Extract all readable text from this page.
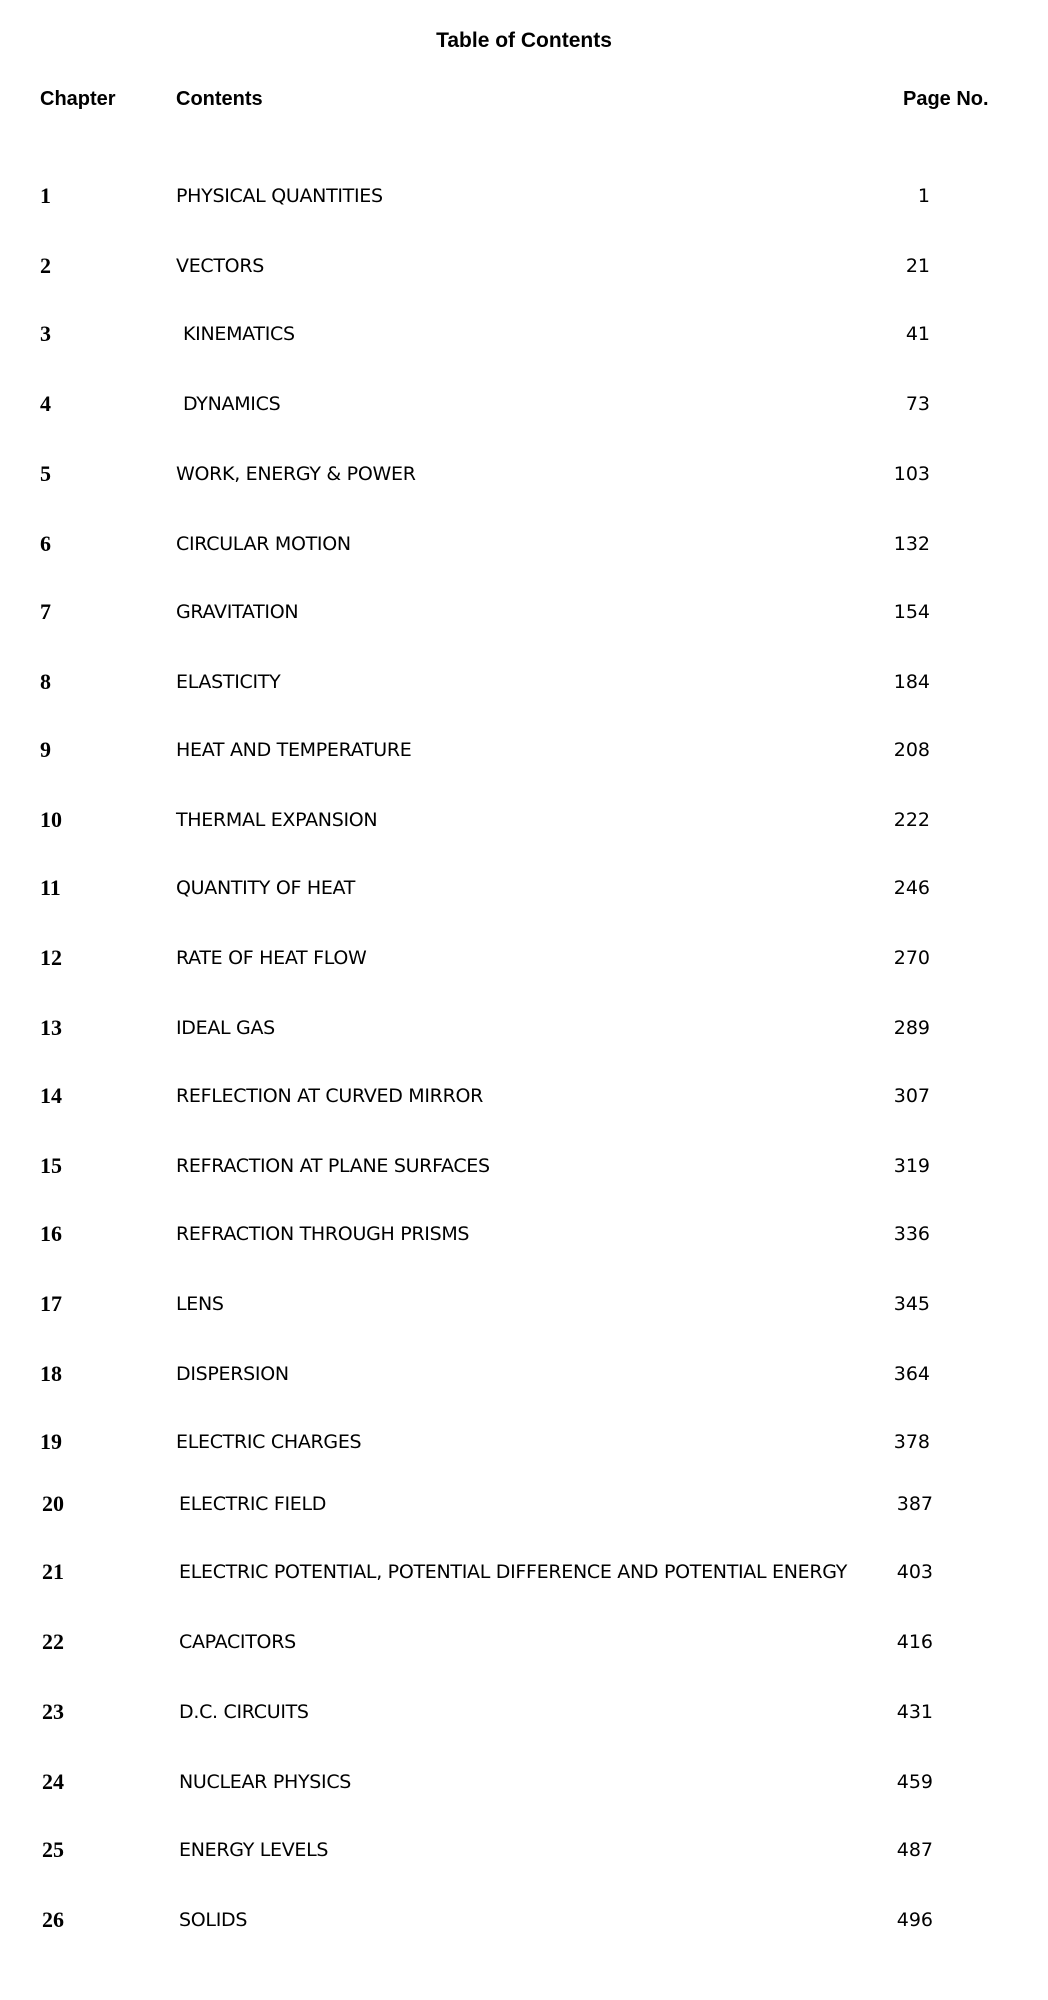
Table of Contents
Chapter	Contents	Page No.
1	PHYSICAL QUANTITIES	1
2	VECTORS	21
3	KINEMATICS	41
4	DYNAMICS	73
5	WORK, ENERGY & POWER	103
6	CIRCULAR MOTION	132
7	GRAVITATION	154
8	ELASTICITY	184
9	HEAT AND TEMPERATURE	208
10	THERMAL EXPANSION	222
11	QUANTITY OF HEAT	246
12	RATE OF HEAT FLOW	270
13	IDEAL GAS	289
14	REFLECTION AT CURVED MIRROR	307
15	REFRACTION AT PLANE SURFACES	319
16	REFRACTION THROUGH PRISMS	336
17	LENS	345
18	DISPERSION	364
19	ELECTRIC CHARGES	378
20	ELECTRIC FIELD	387
21	ELECTRIC POTENTIAL, POTENTIAL DIFFERENCE AND POTENTIAL ENERGY	403
22	CAPACITORS	416
23	D.C. CIRCUITS	431
24	NUCLEAR PHYSICS	459
25	ENERGY LEVELS	487
26	SOLIDS	496
